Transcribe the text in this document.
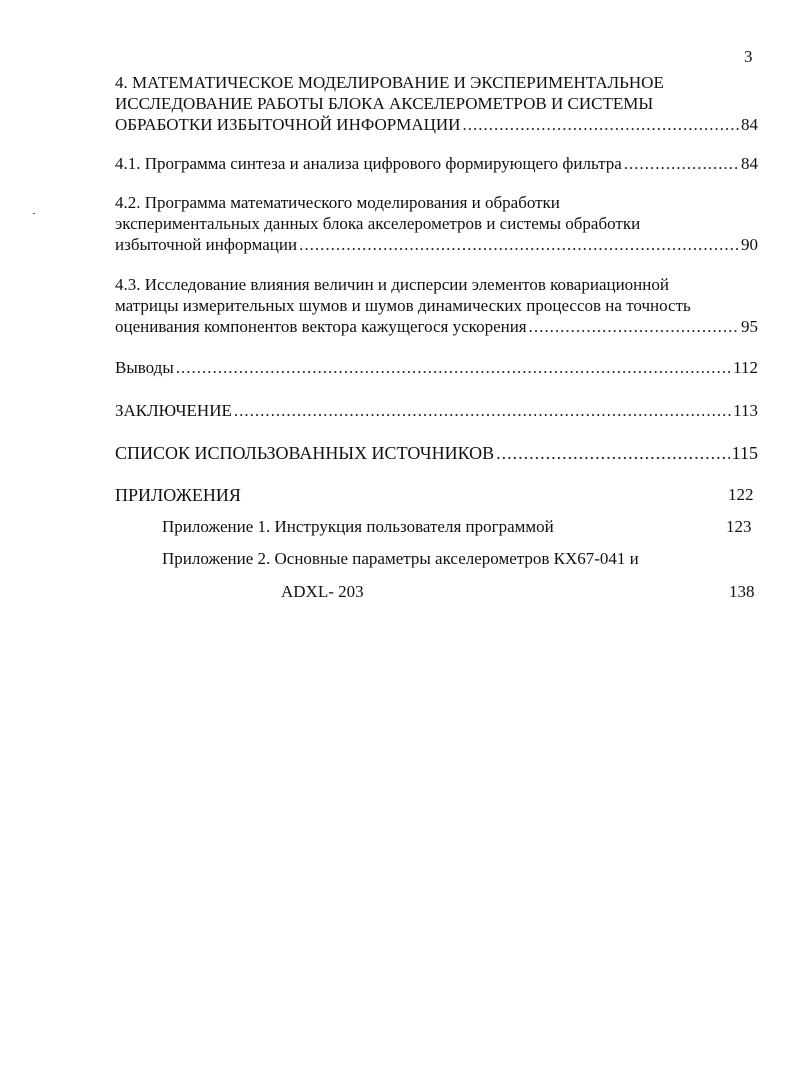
3
4. МАТЕМАТИЧЕСКОЕ МОДЕЛИРОВАНИЕ И ЭКСПЕРИМЕНТАЛЬНОЕ
ИССЛЕДОВАНИЕ РАБОТЫ БЛОКА АКСЕЛЕРОМЕТРОВ И СИСТЕМЫ
ОБРАБОТКИ ИЗБЫТОЧНОЙ ИНФОРМАЦИИ .....	84
4.1. Программа синтеза и анализа цифрового формирующего фильтра .....	84
4.2. Программа математического моделирования и обработки
экспериментальных данных блока акселерометров и системы обработки
избыточной информации .....	90
4.3. Исследование влияния величин и дисперсии элементов ковариационной
матрицы измерительных шумов и шумов динамических процессов на точность
оценивания компонентов вектора кажущегося ускорения .....	95
Выводы .....	112
ЗАКЛЮЧЕНИЕ .....	113
СПИСОК ИСПОЛЬЗОВАННЫХ ИСТОЧНИКОВ .....	115
ПРИЛОЖЕНИЯ	122
Приложение 1. Инструкция пользователя программой	123
Приложение 2. Основные параметры акселерометров КХ67-041 и
ADXL- 203	138
